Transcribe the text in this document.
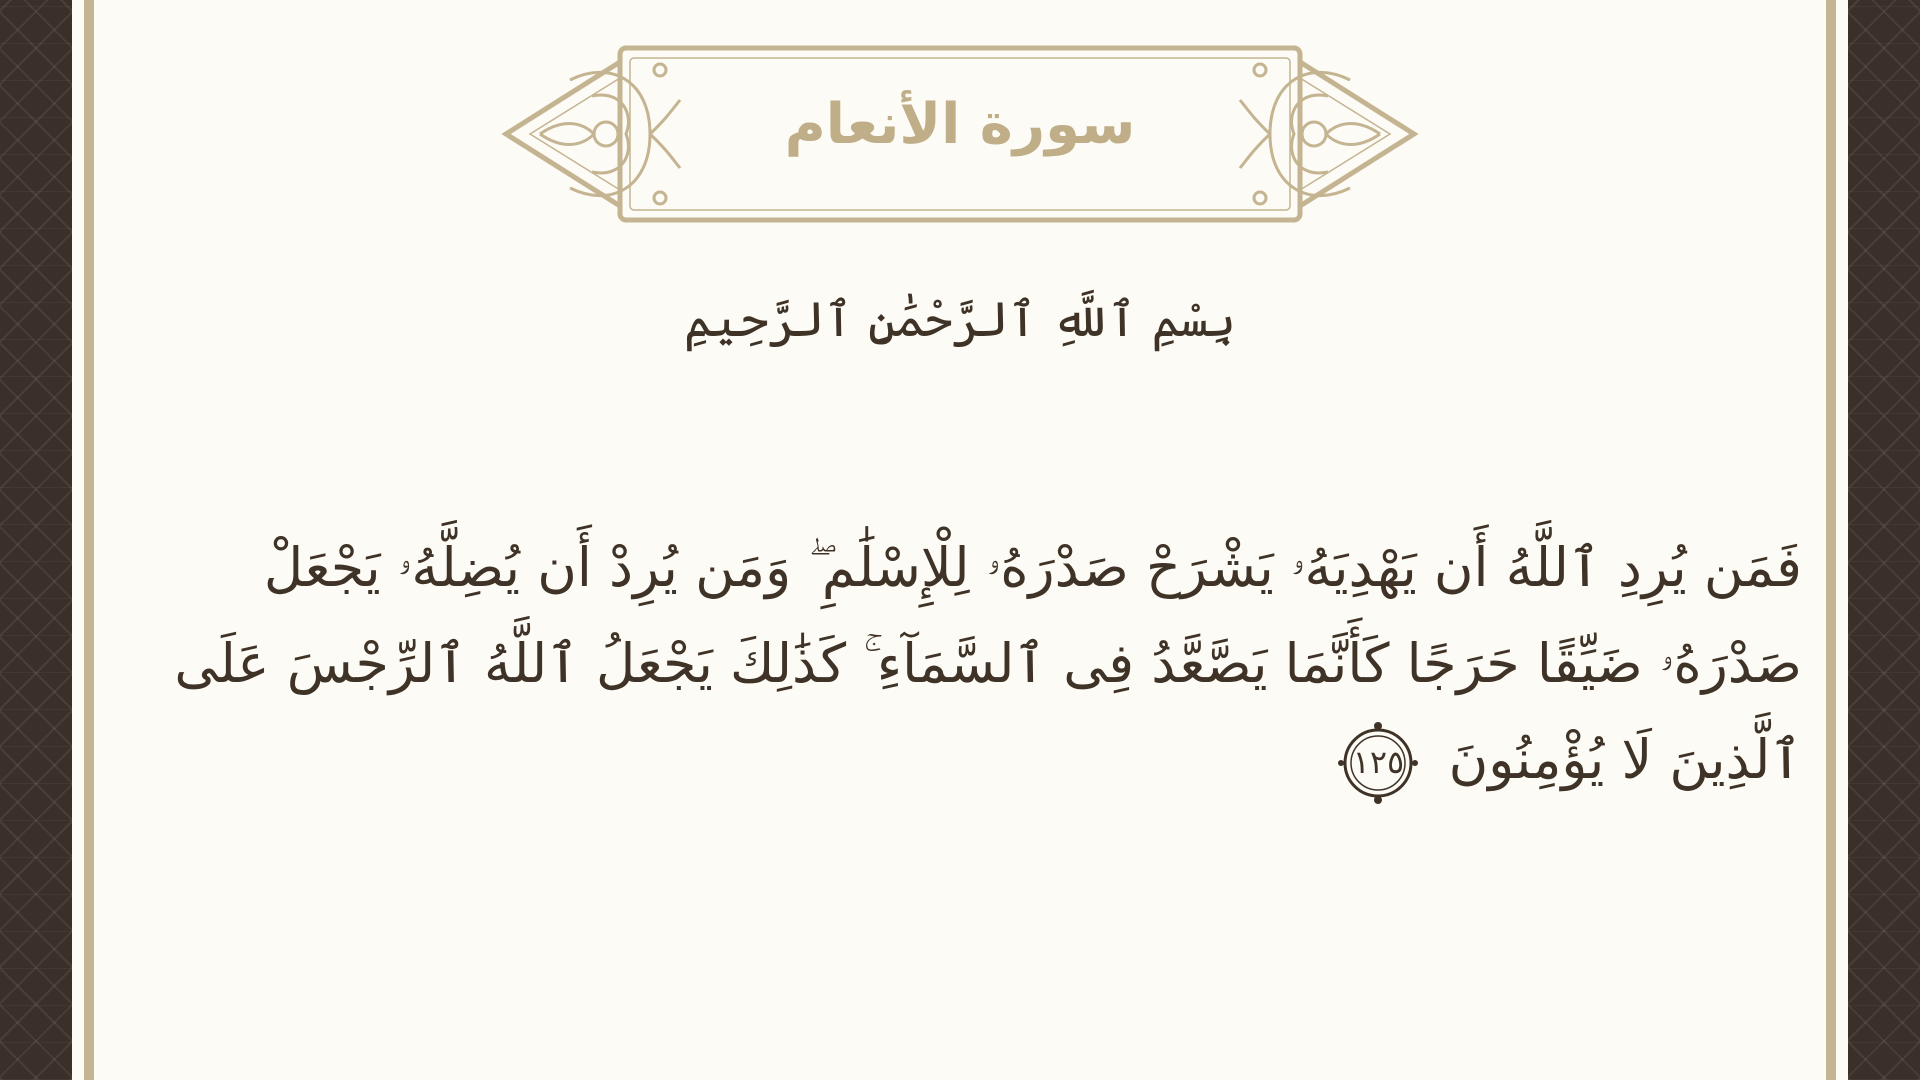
سورة الأنعام
بِسْمِ ٱللَّهِ ٱلرَّحْمَٰنِ ٱلرَّحِيمِ
فَمَن يُرِدِ ٱللَّهُ أَن يَهْدِيَهُۥ يَشْرَحْ صَدْرَهُۥ لِلْإِسْلَٰمِ ۖ وَمَن يُرِدْ أَن يُضِلَّهُۥ يَجْعَلْ صَدْرَهُۥ ضَيِّقًا حَرَجًا كَأَنَّمَا يَصَّعَّدُ فِى ٱلسَّمَآءِ ۚ كَذَٰلِكَ يَجْعَلُ ٱللَّهُ ٱلرِّجْسَ عَلَى ٱلَّذِينَ لَا يُؤْمِنُونَ
١٢٥
